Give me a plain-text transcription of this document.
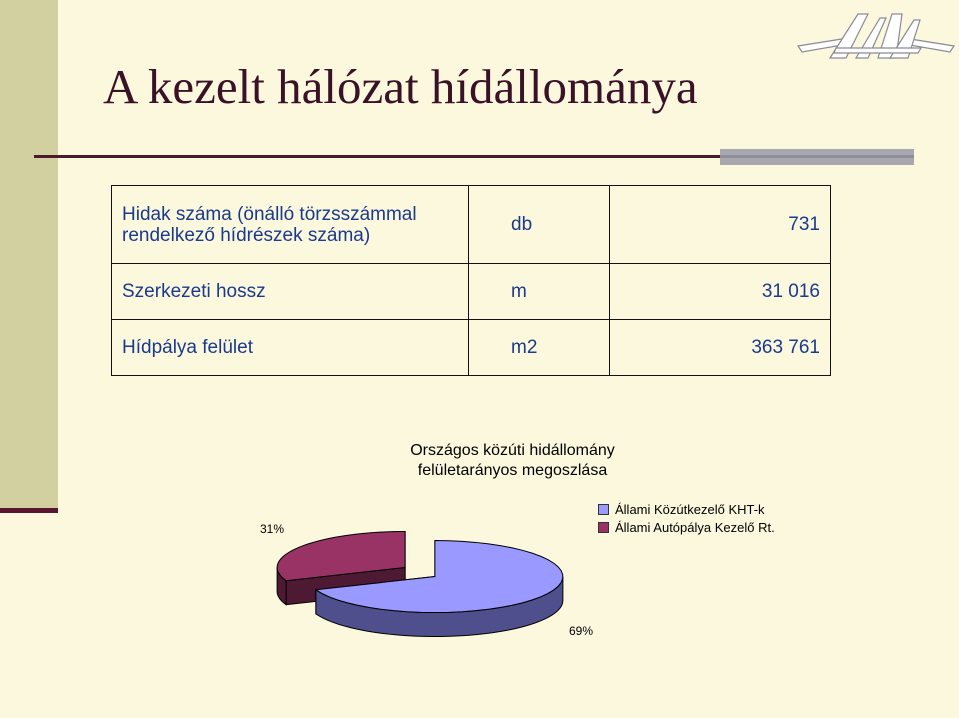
A kezelt hálózat hídállománya
Hidak száma (önálló törzsszámmal
rendelkező hídrészek száma)	db	731

Szerkezeti hossz	m	31 016

Hídpálya felület	m2	363 761
Országos közúti hidállomány
felületarányos megoszlása
69%
31%
Állami Közútkezelő KHT-k
Állami Autópálya Kezelő Rt.
